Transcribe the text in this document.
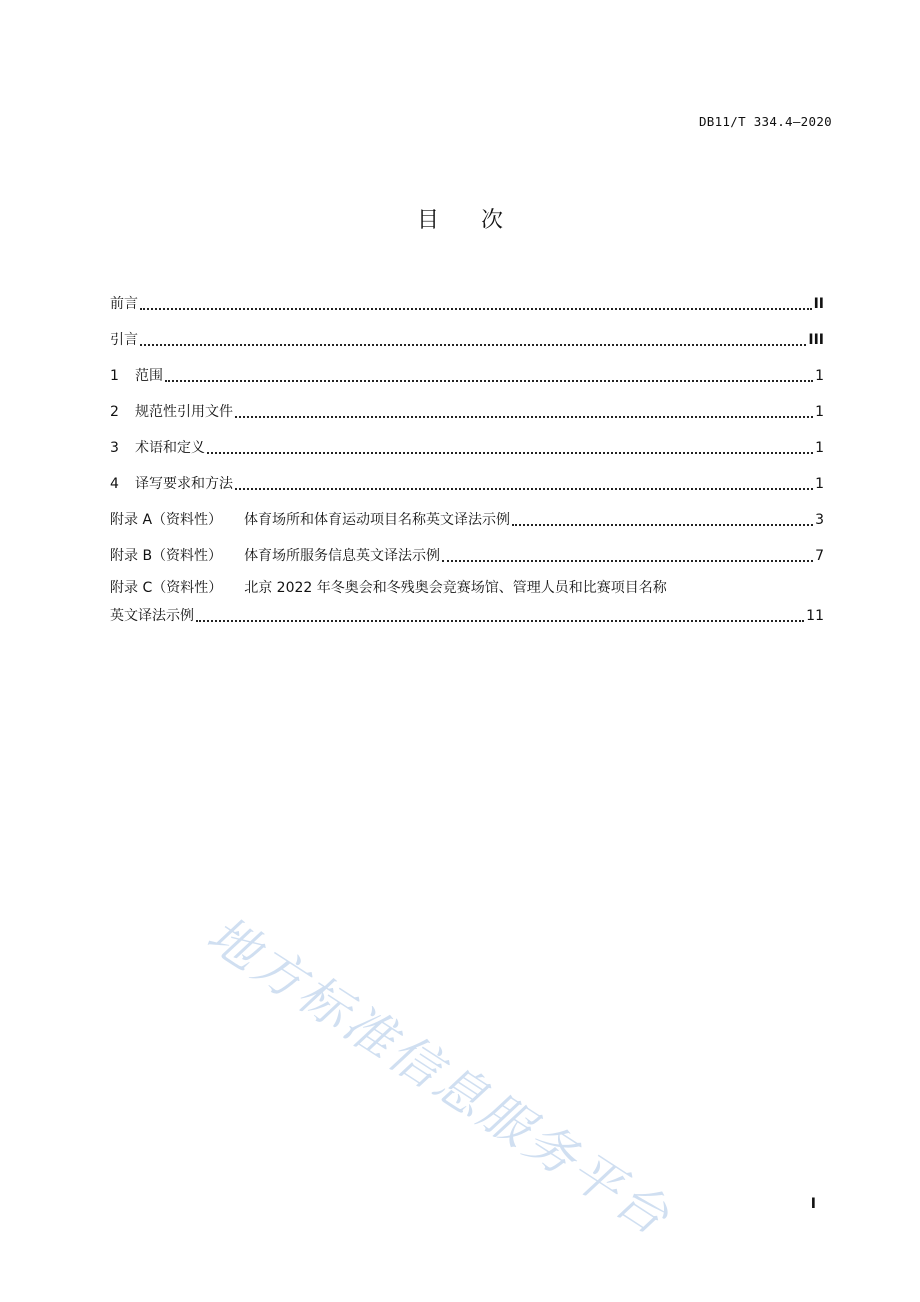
DB11/T 334.4—2020
目 次
前言	II
引言	III
1	范围	1
2	规范性引用文件	1
3	术语和定义	1
4	译写要求和方法	1
附录 A（资料性） 体育场所和体育运动项目名称英文译法示例	3
附录 B（资料性） 体育场所服务信息英文译法示例	7
附录 C（资料性） 北京 2022 年冬奥会和冬残奥会竞赛场馆、管理人员和比赛项目名称
英文译法示例	11
地方标准信息服务平台	I
